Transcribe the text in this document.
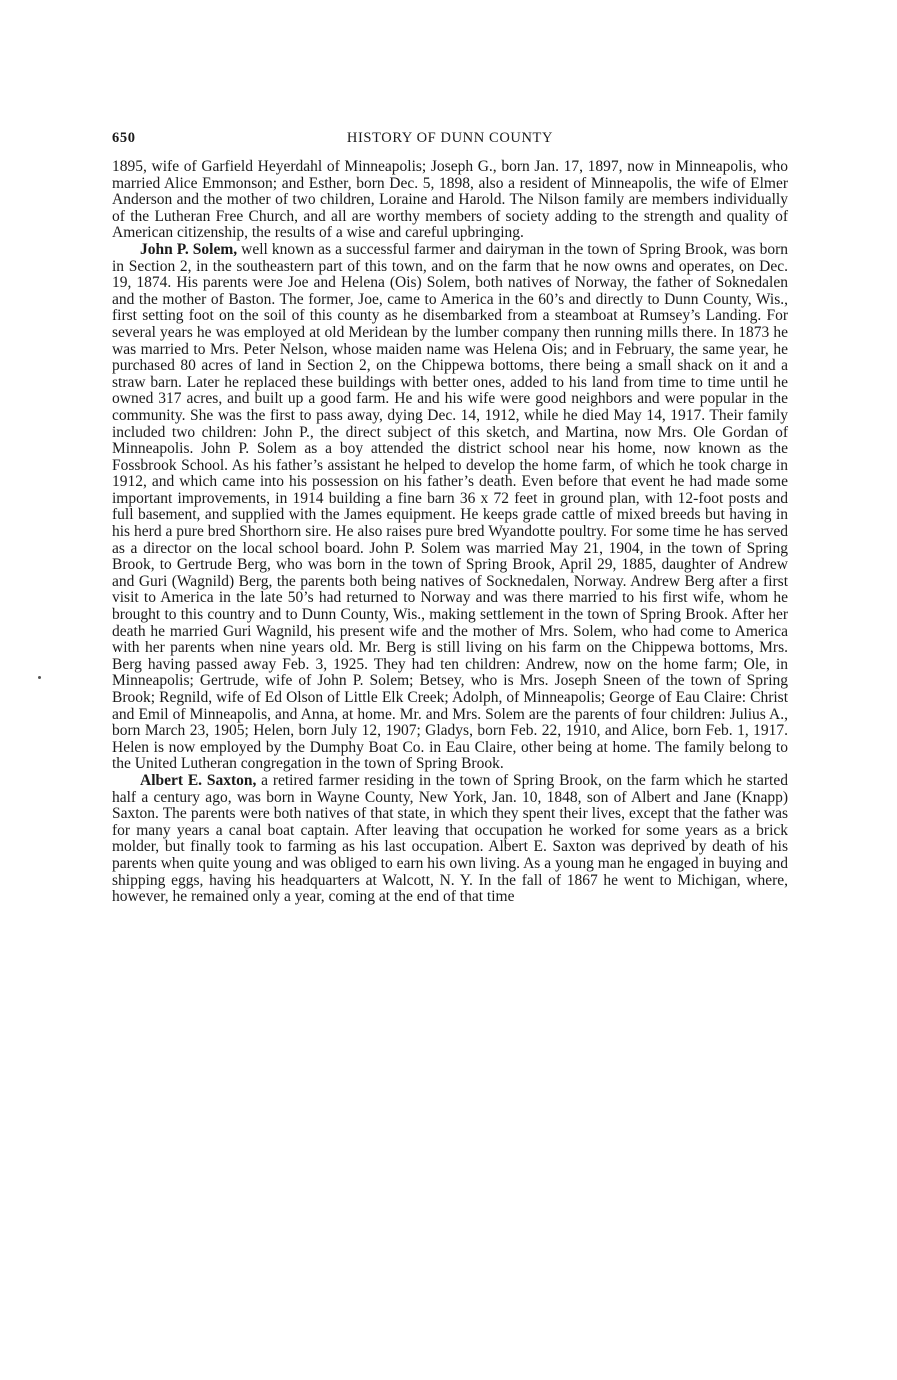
650	HISTORY OF DUNN COUNTY

1895, wife of Garfield Heyerdahl of Minneapolis; Joseph G., born Jan. 17, 1897, now in Minneapolis, who married Alice Emmonson; and Esther, born Dec. 5, 1898, also a resident of Minneapolis, the wife of Elmer Anderson and the mother of two children, Loraine and Harold. The Nilson family are members individually of the Lutheran Free Church, and all are worthy members of society adding to the strength and quality of American citizenship, the results of a wise and careful upbringing.

John P. Solem, well known as a successful farmer and dairyman in the town of Spring Brook, was born in Section 2, in the southeastern part of this town, and on the farm that he now owns and operates, on Dec. 19, 1874. His parents were Joe and Helena (Ois) Solem, both natives of Norway, the father of Soknedalen and the mother of Baston. The former, Joe, came to America in the 60’s and directly to Dunn County, Wis., first setting foot on the soil of this county as he disembarked from a steamboat at Rumsey’s Landing. For several years he was employed at old Meridean by the lumber company then running mills there. In 1873 he was married to Mrs. Peter Nelson, whose maiden name was Helena Ois; and in February, the same year, he purchased 80 acres of land in Section 2, on the Chippewa bottoms, there being a small shack on it and a straw barn. Later he replaced these buildings with better ones, added to his land from time to time until he owned 317 acres, and built up a good farm. He and his wife were good neighbors and were popular in the community. She was the first to pass away, dying Dec. 14, 1912, while he died May 14, 1917. Their family included two children: John P., the direct subject of this sketch, and Martina, now Mrs. Ole Gordan of Minneapolis. John P. Solem as a boy attended the district school near his home, now known as the Fossbrook School. As his father’s assistant he helped to develop the home farm, of which he took charge in 1912, and which came into his possession on his father’s death. Even before that event he had made some important improvements, in 1914 building a fine barn 36 x 72 feet in ground plan, with 12-foot posts and full basement, and supplied with the James equipment. He keeps grade cattle of mixed breeds but having in his herd a pure bred Shorthorn sire. He also raises pure bred Wyandotte poultry. For some time he has served as a director on the local school board. John P. Solem was married May 21, 1904, in the town of Spring Brook, to Gertrude Berg, who was born in the town of Spring Brook, April 29, 1885, daughter of Andrew and Guri (Wagnild) Berg, the parents both being natives of Socknedalen, Norway. Andrew Berg after a first visit to America in the late 50’s had returned to Norway and was there married to his first wife, whom he brought to this country and to Dunn County, Wis., making settlement in the town of Spring Brook. After her death he married Guri Wagnild, his present wife and the mother of Mrs. Solem, who had come to America with her parents when nine years old. Mr. Berg is still living on his farm on the Chippewa bottoms, Mrs. Berg having passed away Feb. 3, 1925. They had ten children: Andrew, now on the home farm; Ole, in Minneapolis; Gertrude, wife of John P. Solem; Betsey, who is Mrs. Joseph Sneen of the town of Spring Brook; Regnild, wife of Ed Olson of Little Elk Creek; Adolph, of Minneapolis; George of Eau Claire: Christ and Emil of Minneapolis, and Anna, at home. Mr. and Mrs. Solem are the parents of four children: Julius A., born March 23, 1905; Helen, born July 12, 1907; Gladys, born Feb. 22, 1910, and Alice, born Feb. 1, 1917. Helen is now employed by the Dumphy Boat Co. in Eau Claire, other being at home. The family belong to the United Lutheran congregation in the town of Spring Brook.

Albert E. Saxton, a retired farmer residing in the town of Spring Brook, on the farm which he started half a century ago, was born in Wayne County, New York, Jan. 10, 1848, son of Albert and Jane (Knapp) Saxton. The parents were both natives of that state, in which they spent their lives, except that the father was for many years a canal boat captain. After leaving that occupation he worked for some years as a brick molder, but finally took to farming as his last occupation. Albert E. Saxton was deprived by death of his parents when quite young and was obliged to earn his own living. As a young man he engaged in buying and shipping eggs, having his headquarters at Walcott, N. Y. In the fall of 1867 he went to Michigan, where, however, he remained only a year, coming at the end of that time
